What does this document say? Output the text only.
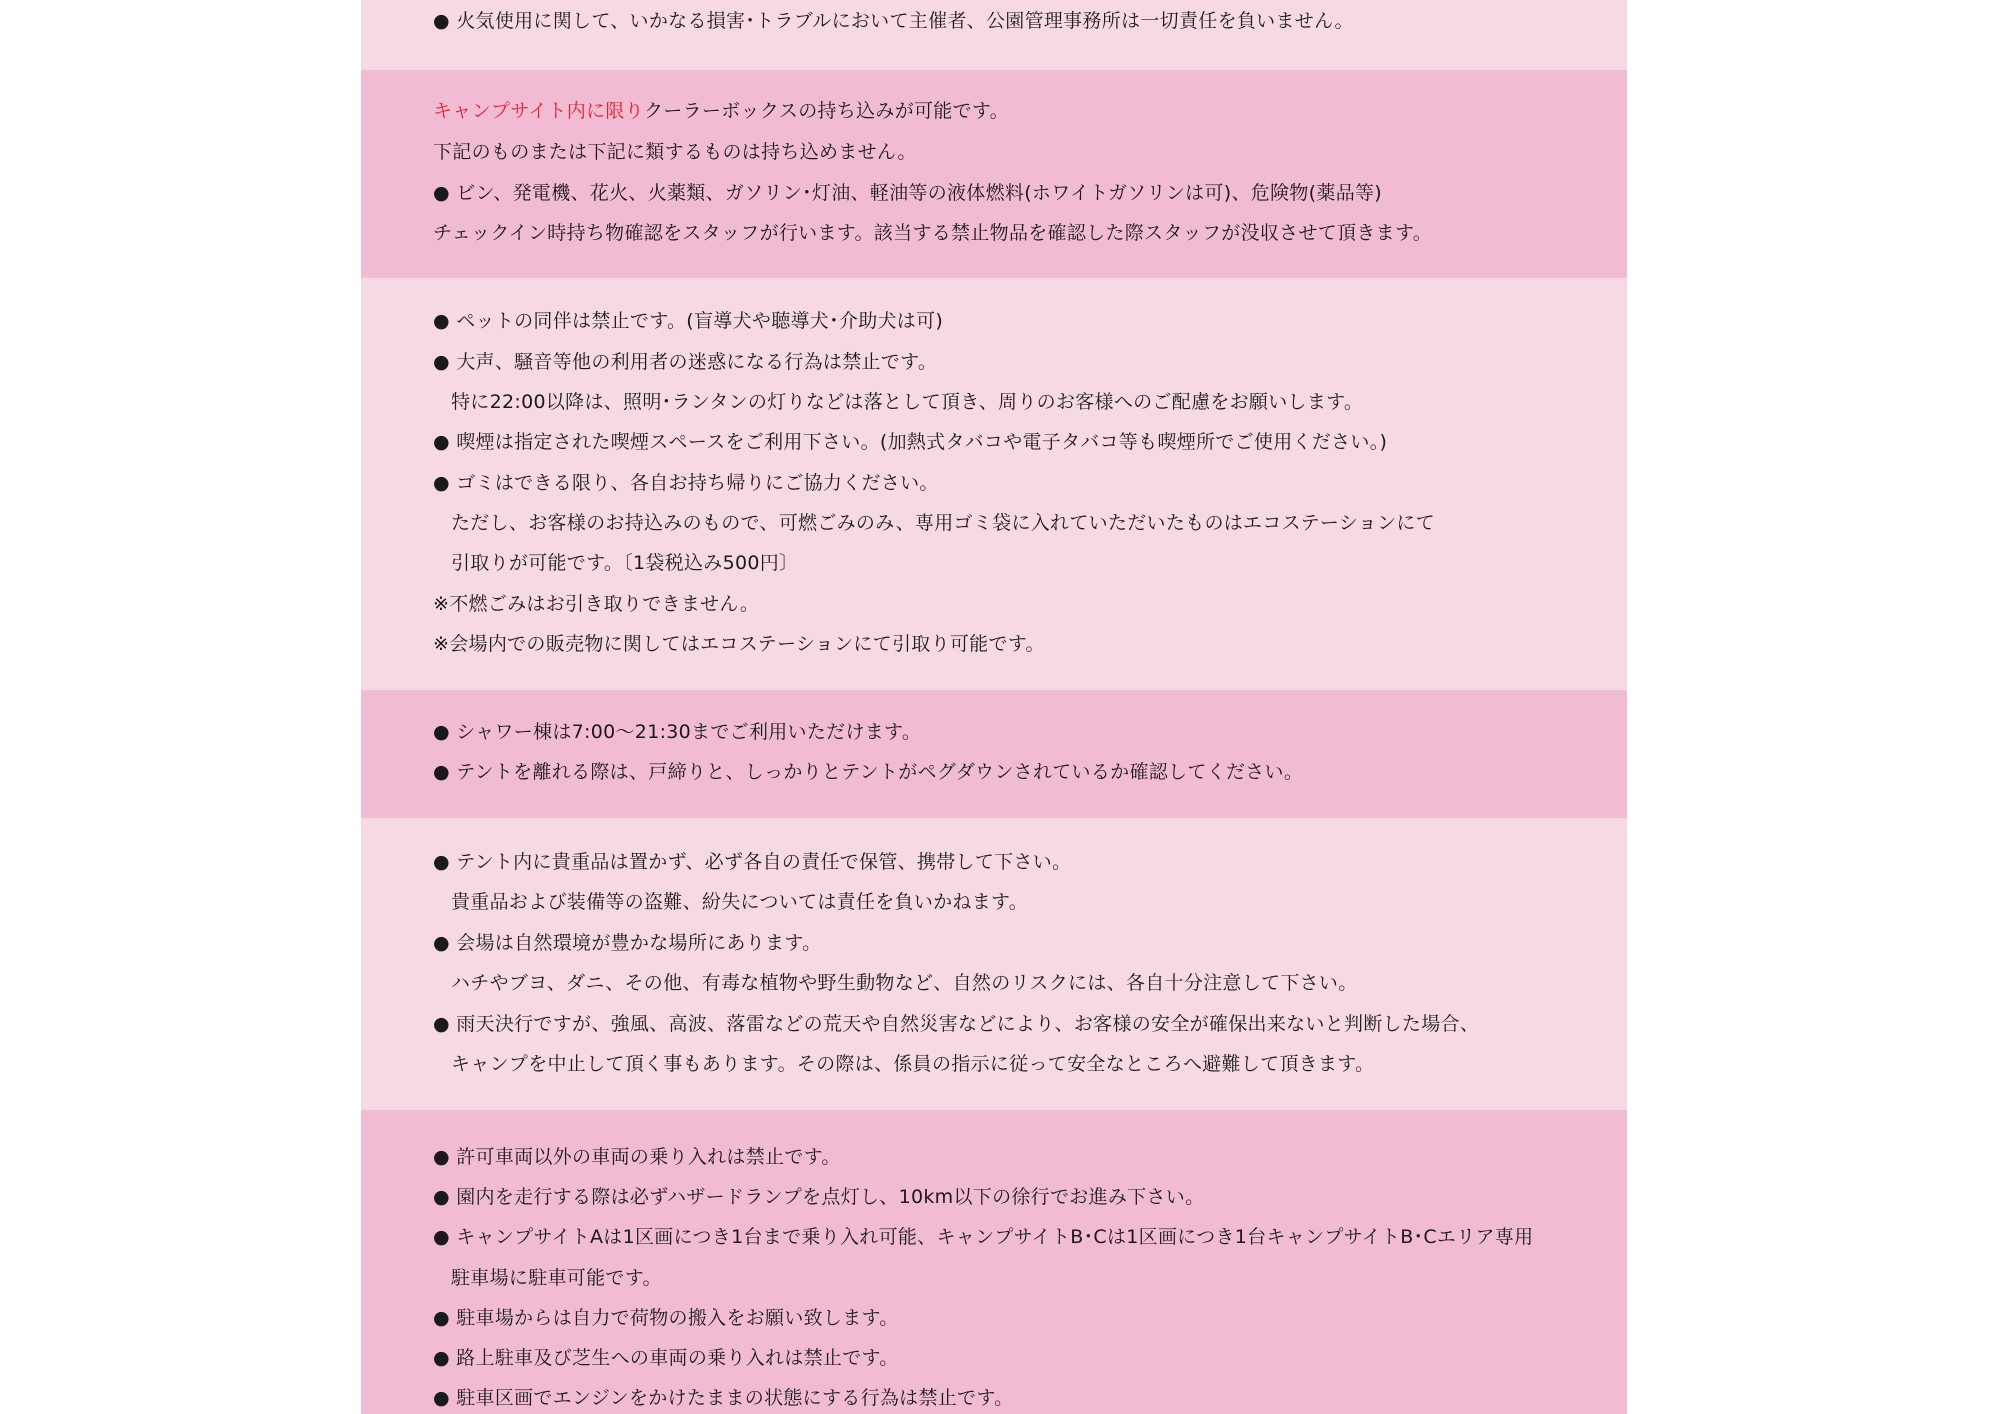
● 火気使用に関して、いかなる損害･トラブルにおいて主催者、公園管理事務所は一切責任を負いません。

キャンプサイト内に限りクーラーボックスの持ち込みが可能です。

下記のものまたは下記に類するものは持ち込めません。

● ビン、発電機、花火、火薬類、ガソリン･灯油、軽油等の液体燃料(ホワイトガソリンは可)、危険物(薬品等)

チェックイン時持ち物確認をスタッフが行います。該当する禁止物品を確認した際スタッフが没収させて頂きます。

● ペットの同伴は禁止です。(盲導犬や聴導犬･介助犬は可)

● 大声、騒音等他の利用者の迷惑になる行為は禁止です。

特に22:00以降は、照明･ランタンの灯りなどは落として頂き、周りのお客様へのご配慮をお願いします。

● 喫煙は指定された喫煙スペースをご利用下さい。(加熱式タバコや電子タバコ等も喫煙所でご使用ください。)

● ゴミはできる限り、各自お持ち帰りにご協力ください。

ただし、お客様のお持込みのもので、可燃ごみのみ、専用ゴミ袋に入れていただいたものはエコステーションにて

引取りが可能です。〔1袋税込み500円〕

※不燃ごみはお引き取りできません。

※会場内での販売物に関してはエコステーションにて引取り可能です。

● シャワー棟は7:00～21:30までご利用いただけます。

● テントを離れる際は、戸締りと、しっかりとテントがペグダウンされているか確認してください。

● テント内に貴重品は置かず、必ず各自の責任で保管、携帯して下さい。

貴重品および装備等の盗難、紛失については責任を負いかねます。

● 会場は自然環境が豊かな場所にあります。

ハチやブヨ、ダニ、その他、有毒な植物や野生動物など、自然のリスクには、各自十分注意して下さい。

● 雨天決行ですが、強風、高波、落雷などの荒天や自然災害などにより、お客様の安全が確保出来ないと判断した場合、

キャンプを中止して頂く事もあります。その際は、係員の指示に従って安全なところへ避難して頂きます。

● 許可車両以外の車両の乗り入れは禁止です。

● 園内を走行する際は必ずハザードランプを点灯し、10km以下の徐行でお進み下さい。

● キャンプサイトAは1区画につき1台まで乗り入れ可能、キャンプサイトB･Cは1区画につき1台キャンプサイトB･Cエリア専用

駐車場に駐車可能です。

● 駐車場からは自力で荷物の搬入をお願い致します。

● 路上駐車及び芝生への車両の乗り入れは禁止です。

● 駐車区画でエンジンをかけたままの状態にする行為は禁止です。
